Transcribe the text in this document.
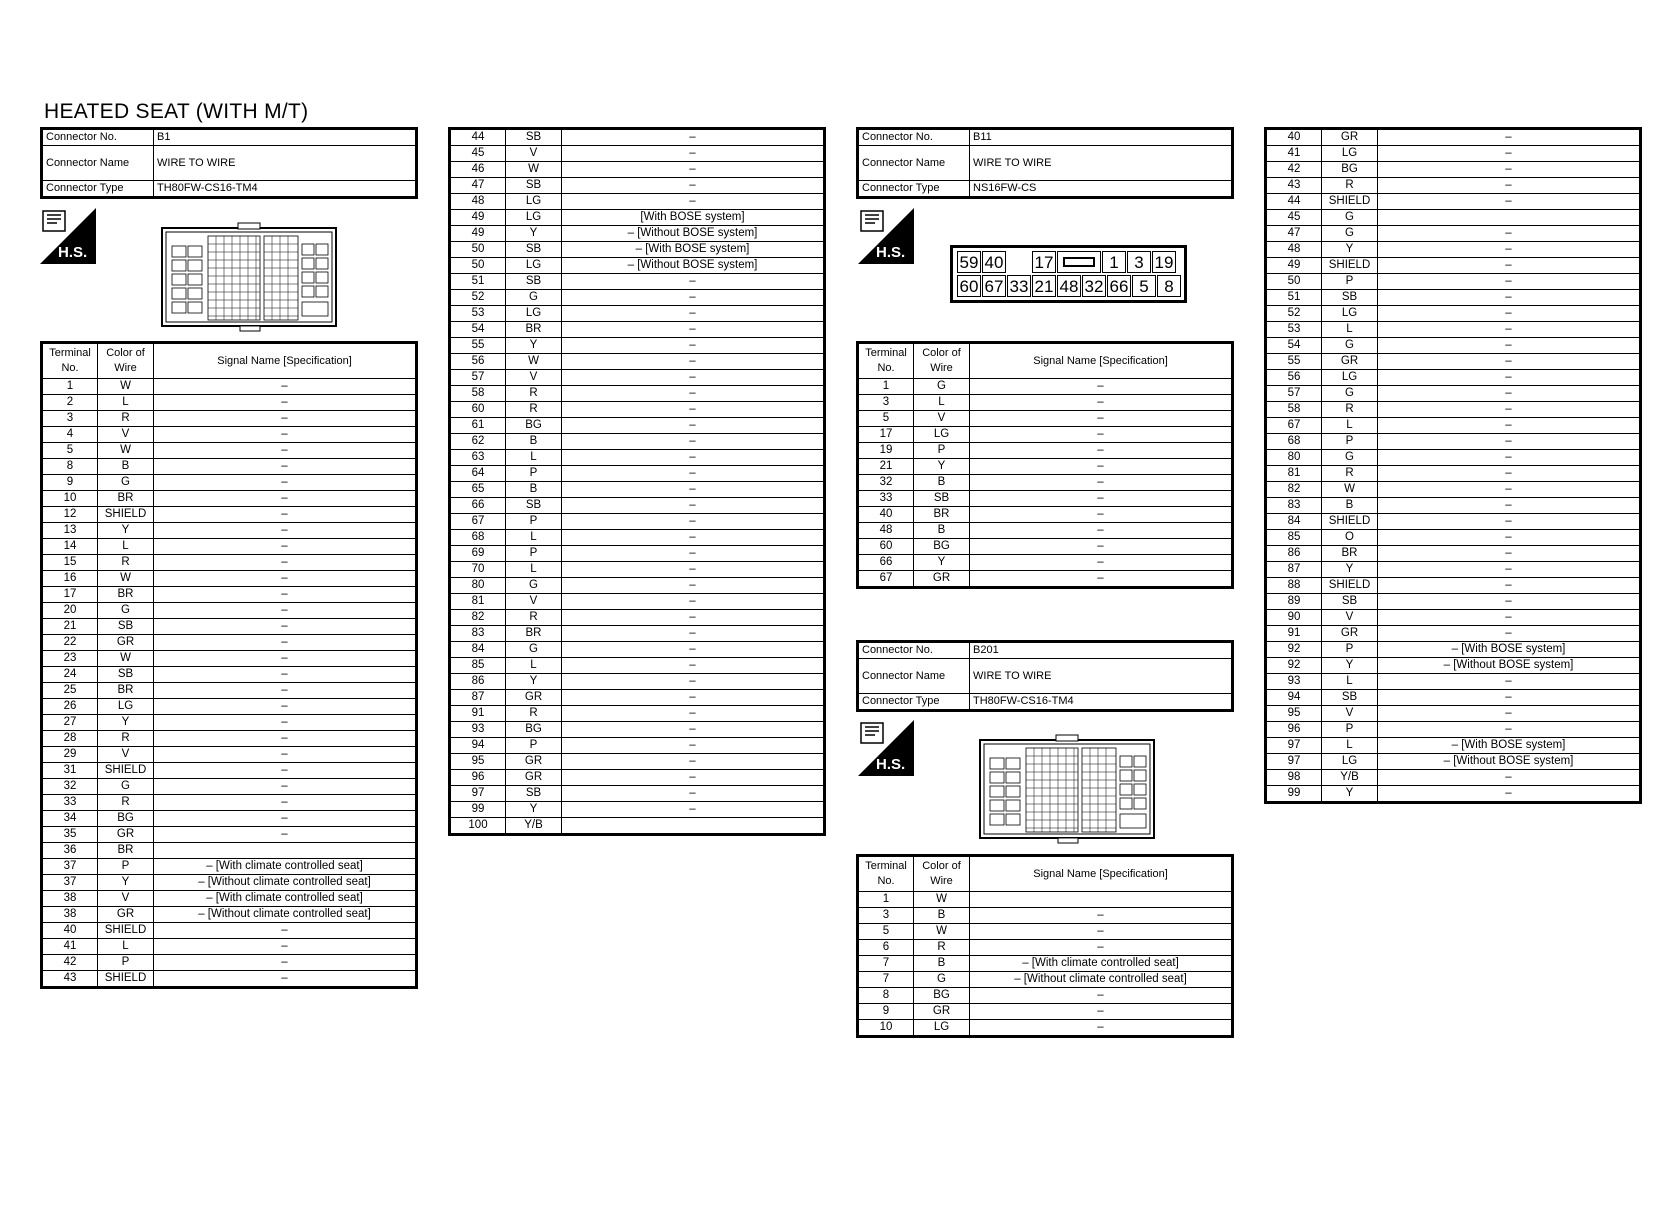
HEATED SEAT (WITH M/T)
Connector No.	B1
Connector Name	WIRE TO WIRE
Connector Type	TH80FW-CS16-TM4
H.S.
Terminal No.	Color of Wire	Signal Name [Specification]
1	W	–
2	L	–
3	R	–
4	V	–
5	W	–
8	B	–
9	G	–
10	BR	–
12	SHIELD	–
13	Y	–
14	L	–
15	R	–
16	W	–
17	BR	–
20	G	–
21	SB	–
22	GR	–
23	W	–
24	SB	–
25	BR	–
26	LG	–
27	Y	–
28	R	–
29	V	–
31	SHIELD	–
32	G	–
33	R	–
34	BG	–
35	GR	–
36	BR	
37	P	– [With climate controlled seat]
37	Y	– [Without climate controlled seat]
38	V	– [With climate controlled seat]
38	GR	– [Without climate controlled seat]
40	SHIELD	–
41	L	–
42	P	–
43	SHIELD	–
44	SB	–
45	V	–
46	W	–
47	SB	–
48	LG	–
49	LG	[With BOSE system]
49	Y	– [Without BOSE system]
50	SB	– [With BOSE system]
50	LG	– [Without BOSE system]
51	SB	–
52	G	–
53	LG	–
54	BR	–
55	Y	–
56	W	–
57	V	–
58	R	–
60	R	–
61	BG	–
62	B	–
63	L	–
64	P	–
65	B	–
66	SB	–
67	P	–
68	L	–
69	P	–
70	L	–
80	G	–
81	V	–
82	R	–
83	BR	–
84	G	–
85	L	–
86	Y	–
87	GR	–
91	R	–
93	BG	–
94	P	–
95	GR	–
96	GR	–
97	SB	–
99	Y	–
100	Y/B	
Connector No.	B11
Connector Name	WIRE TO WIRE
Connector Type	NS16FW-CS
H.S.
59 40 17	1 3 19
60 67 33 21 48 32 66 5 8
Terminal No.	Color of Wire	Signal Name [Specification]
1	G	–
3	L	–
5	V	–
17	LG	–
19	P	–
21	Y	–
32	B	–
33	SB	–
40	BR	–
48	B	–
60	BG	–
66	Y	–
67	GR	–
Connector No.	B201
Connector Name	WIRE TO WIRE
Connector Type	TH80FW-CS16-TM4
H.S.
Terminal No.	Color of Wire	Signal Name [Specification]
1	W	
3	B	–
5	W	–
6	R	–
7	B	– [With climate controlled seat]
7	G	– [Without climate controlled seat]
8	BG	–
9	GR	–
10	LG	–
40	GR	–
41	LG	–
42	BG	–
43	R	–
44	SHIELD	–
45	G	
47	G	–
48	Y	–
49	SHIELD	–
50	P	–
51	SB	–
52	LG	–
53	L	–
54	G	–
55	GR	–
56	LG	–
57	G	–
58	R	–
67	L	–
68	P	–
80	G	–
81	R	–
82	W	–
83	B	–
84	SHIELD	–
85	O	–
86	BR	–
87	Y	–
88	SHIELD	–
89	SB	–
90	V	–
91	GR	–
92	P	– [With BOSE system]
92	Y	– [Without BOSE system]
93	L	–
94	SB	–
95	V	–
96	P	–
97	L	– [With BOSE system]
97	LG	– [Without BOSE system]
98	Y/B	–
99	Y	–
